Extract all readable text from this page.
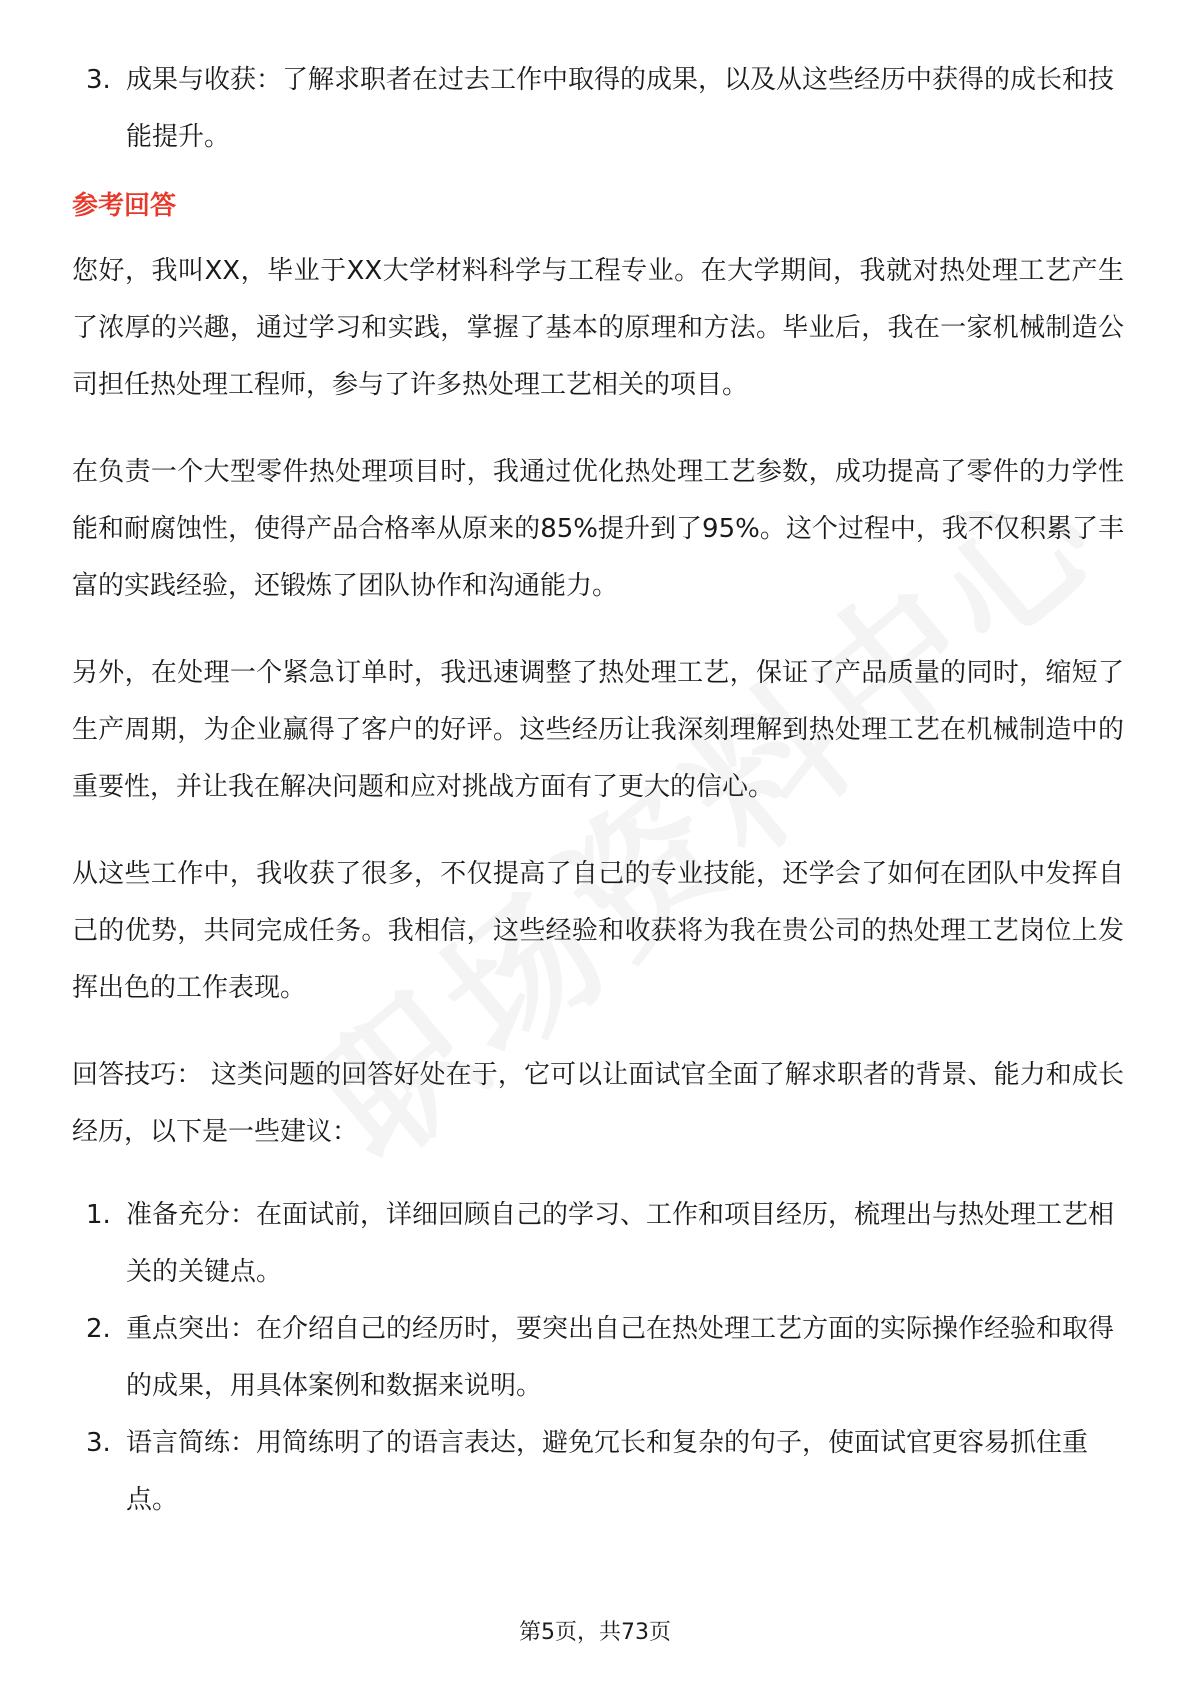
3. 成果与收获：了解求职者在过去工作中取得的成果，以及从这些经历中获得的成长和技能提升。
参考回答

您好，我叫XX，毕业于XX大学材料科学与工程专业。在大学期间，我就对热处理工艺产生了浓厚的兴趣，通过学习和实践，掌握了基本的原理和方法。毕业后，我在一家机械制造公司担任热处理工程师，参与了许多热处理工艺相关的项目。

在负责一个大型零件热处理项目时，我通过优化热处理工艺参数，成功提高了零件的力学性能和耐腐蚀性，使得产品合格率从原来的85%提升到了95%。这个过程中，我不仅积累了丰富的实践经验，还锻炼了团队协作和沟通能力。

另外，在处理一个紧急订单时，我迅速调整了热处理工艺，保证了产品质量的同时，缩短了生产周期，为企业赢得了客户的好评。这些经历让我深刻理解到热处理工艺在机械制造中的重要性，并让我在解决问题和应对挑战方面有了更大的信心。

从这些工作中，我收获了很多，不仅提高了自己的专业技能，还学会了如何在团队中发挥自己的优势，共同完成任务。我相信，这些经验和收获将为我在贵公司的热处理工艺岗位上发挥出色的工作表现。

回答技巧： 这类问题的回答好处在于，它可以让面试官全面了解求职者的背景、能力和成长经历，以下是一些建议：

1. 准备充分：在面试前，详细回顾自己的学习、工作和项目经历，梳理出与热处理工艺相关的关键点。
2. 重点突出：在介绍自己的经历时，要突出自己在热处理工艺方面的实际操作经验和取得的成果，用具体案例和数据来说明。
3. 语言简练：用简练明了的语言表达，避免冗长和复杂的句子，使面试官更容易抓住重点。
第5页，共73页
